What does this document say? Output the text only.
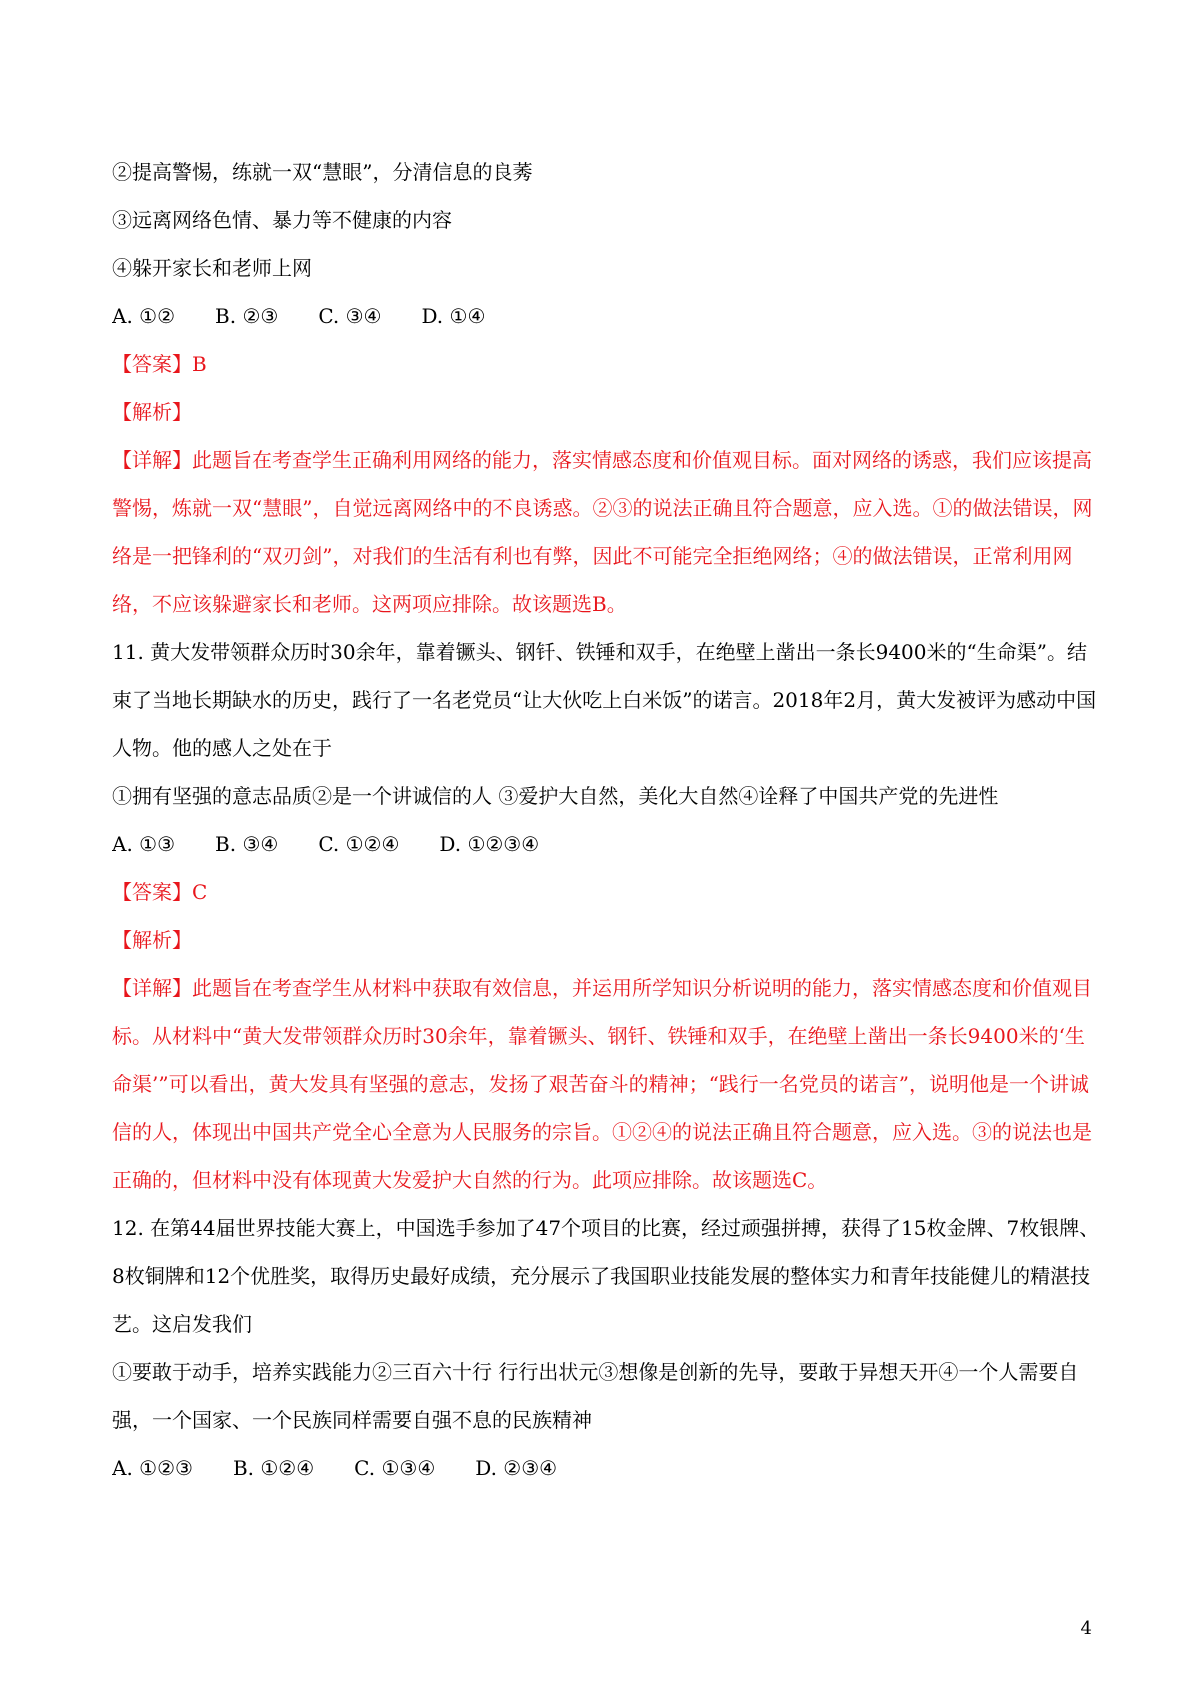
②提高警惕，练就一双“慧眼”，分清信息的良莠
③远离网络色情、暴力等不健康的内容
④躲开家长和老师上网
A. ①② B. ②③ C. ③④ D. ①④
【答案】B
【解析】
【详解】此题旨在考查学生正确利用网络的能力，落实情感态度和价值观目标。面对网络的诱惑，我们应该提高警惕，炼就一双“慧眼”，自觉远离网络中的不良诱惑。②③的说法正确且符合题意，应入选。①的做法错误，网络是一把锋利的“双刃剑”，对我们的生活有利也有弊，因此不可能完全拒绝网络；④的做法错误，正常利用网络，不应该躲避家长和老师。这两项应排除。故该题选B。
11. 黄大发带领群众历时30余年，靠着镢头、钢钎、铁锤和双手，在绝壁上凿出一条长9400米的“生命渠”。结束了当地长期缺水的历史，践行了一名老党员“让大伙吃上白米饭”的诺言。2018年2月，黄大发被评为感动中国人物。他的感人之处在于
①拥有坚强的意志品质②是一个讲诚信的人 ③爱护大自然，美化大自然④诠释了中国共产党的先进性
A. ①③ B. ③④ C. ①②④ D. ①②③④
【答案】C
【解析】
【详解】此题旨在考查学生从材料中获取有效信息，并运用所学知识分析说明的能力，落实情感态度和价值观目标。从材料中“黄大发带领群众历时30余年，靠着镢头、钢钎、铁锤和双手，在绝壁上凿出一条长9400米的‘生命渠’”可以看出，黄大发具有坚强的意志，发扬了艰苦奋斗的精神；“践行一名党员的诺言”，说明他是一个讲诚信的人，体现出中国共产党全心全意为人民服务的宗旨。①②④的说法正确且符合题意，应入选。③的说法也是正确的，但材料中没有体现黄大发爱护大自然的行为。此项应排除。故该题选C。
12. 在第44届世界技能大赛上，中国选手参加了47个项目的比赛，经过顽强拼搏，获得了15枚金牌、7枚银牌、8枚铜牌和12个优胜奖，取得历史最好成绩，充分展示了我国职业技能发展的整体实力和青年技能健儿的精湛技艺。这启发我们
①要敢于动手，培养实践能力②三百六十行 行行出状元③想像是创新的先导，要敢于异想天开④一个人需要自强，一个国家、一个民族同样需要自强不息的民族精神
A. ①②③ B. ①②④ C. ①③④ D. ②③④
4
